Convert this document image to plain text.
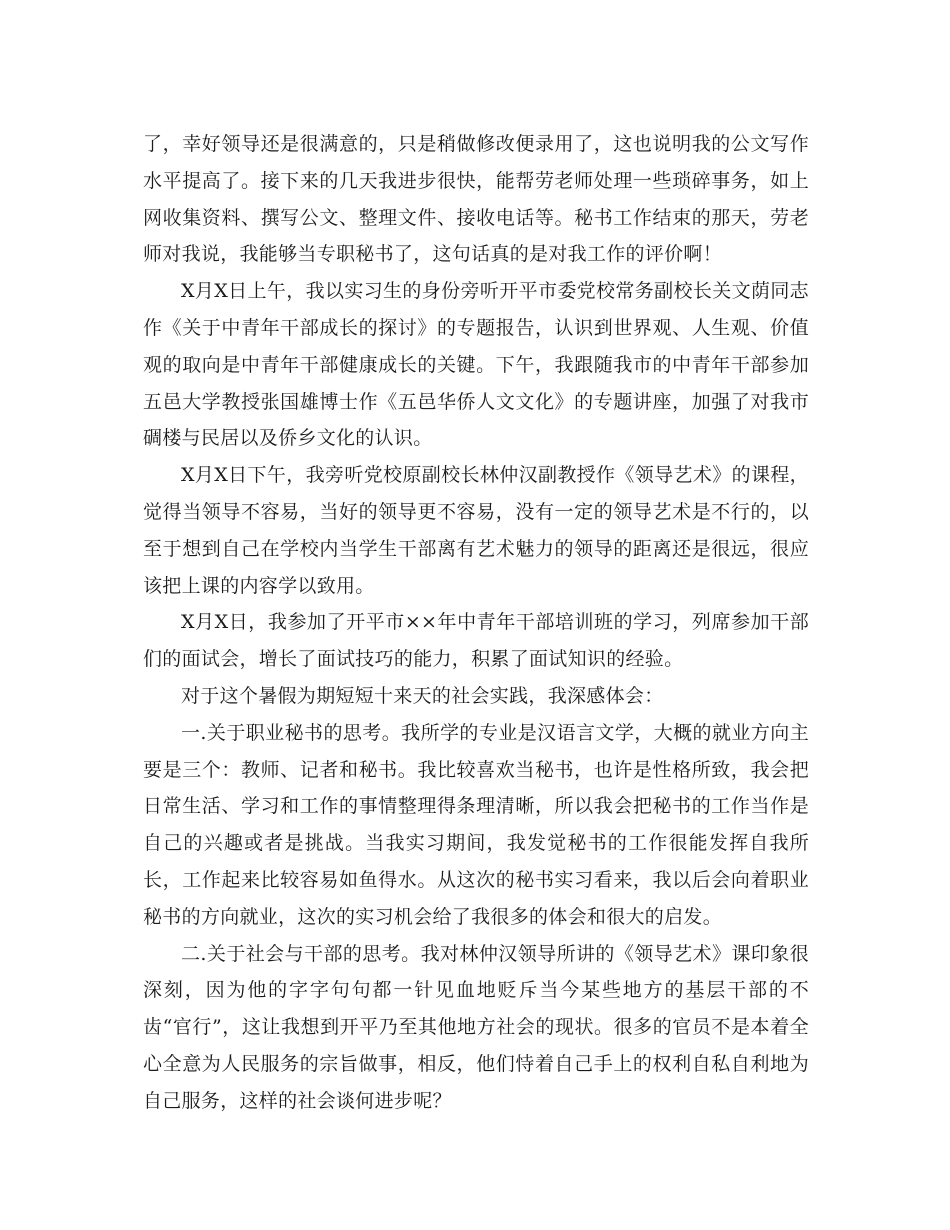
了，幸好领导还是很满意的，只是稍做修改便录用了，这也说明我的公文写作水平提高了。接下来的几天我进步很快，能帮劳老师处理一些琐碎事务，如上网收集资料、撰写公文、整理文件、接收电话等。秘书工作结束的那天，劳老师对我说，我能够当专职秘书了，这句话真的是对我工作的评价啊！

X月X日上午，我以实习生的身份旁听开平市委党校常务副校长关文荫同志作《关于中青年干部成长的探讨》的专题报告，认识到世界观、人生观、价值观的取向是中青年干部健康成长的关键。下午，我跟随我市的中青年干部参加五邑大学教授张国雄博士作《五邑华侨人文文化》的专题讲座，加强了对我市碉楼与民居以及侨乡文化的认识。

X月X日下午，我旁听党校原副校长林仲汉副教授作《领导艺术》的课程，觉得当领导不容易，当好的领导更不容易，没有一定的领导艺术是不行的，以至于想到自己在学校内当学生干部离有艺术魅力的领导的距离还是很远，很应该把上课的内容学以致用。

X月X日，我参加了开平市××年中青年干部培训班的学习，列席参加干部们的面试会，增长了面试技巧的能力，积累了面试知识的经验。

对于这个暑假为期短短十来天的社会实践，我深感体会：

一.关于职业秘书的思考。我所学的专业是汉语言文学，大概的就业方向主要是三个：教师、记者和秘书。我比较喜欢当秘书，也许是性格所致，我会把日常生活、学习和工作的事情整理得条理清晰，所以我会把秘书的工作当作是自己的兴趣或者是挑战。当我实习期间，我发觉秘书的工作很能发挥自我所长，工作起来比较容易如鱼得水。从这次的秘书实习看来，我以后会向着职业秘书的方向就业，这次的实习机会给了我很多的体会和很大的启发。

二.关于社会与干部的思考。我对林仲汉领导所讲的《领导艺术》课印象很深刻，因为他的字字句句都一针见血地贬斥当今某些地方的基层干部的不齿“官行”，这让我想到开平乃至其他地方社会的现状。很多的官员不是本着全心全意为人民服务的宗旨做事，相反，他们恃着自己手上的权利自私自利地为自己服务，这样的社会谈何进步呢？
